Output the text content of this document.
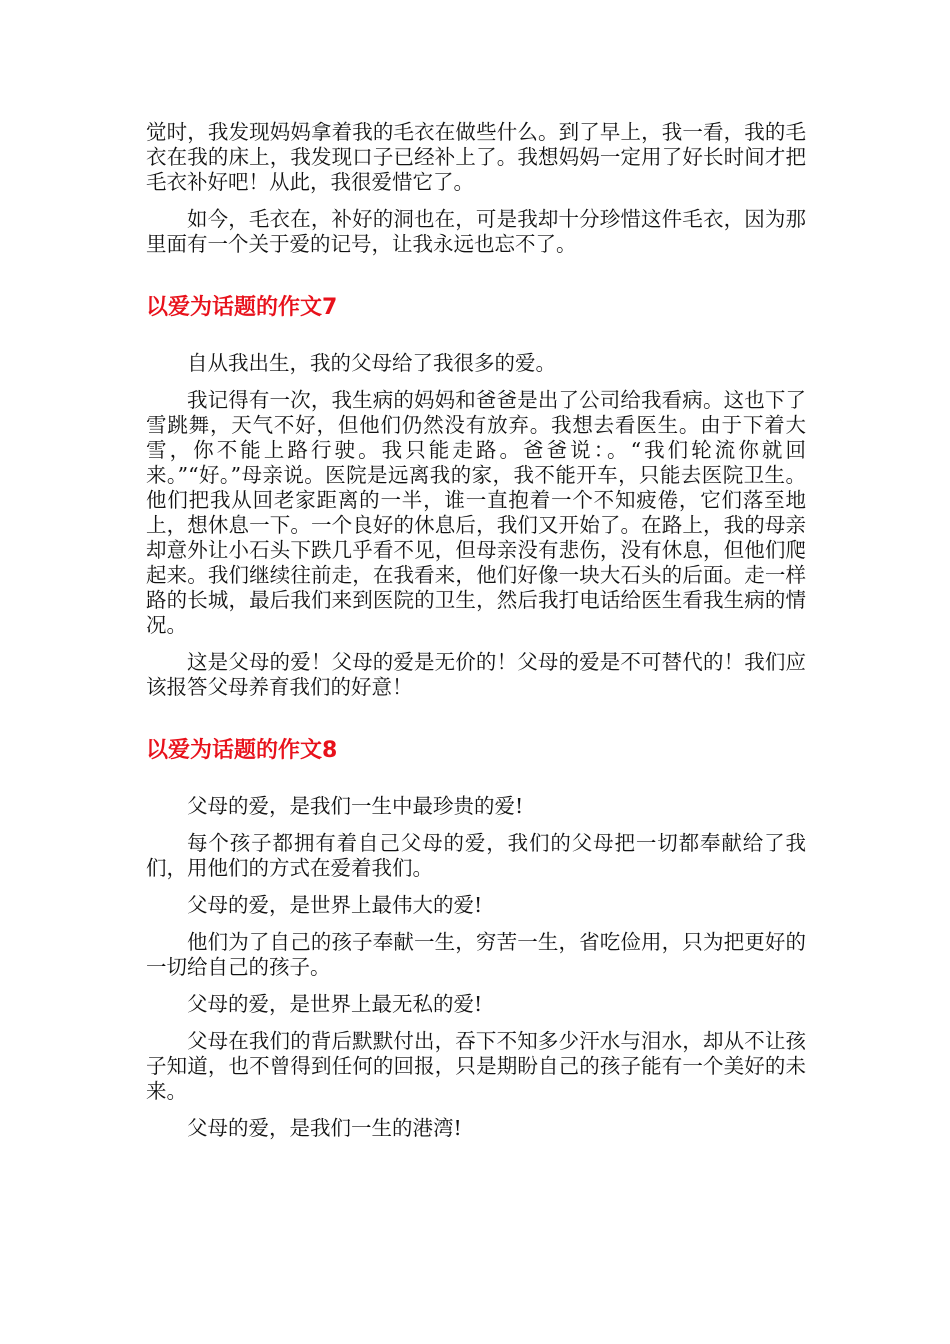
觉时，我发现妈妈拿着我的毛衣在做些什么。到了早上，我一看，我的毛衣在我的床上，我发现口子已经补上了。我想妈妈一定用了好长时间才把毛衣补好吧！从此，我很爱惜它了。

如今，毛衣在，补好的洞也在，可是我却十分珍惜这件毛衣，因为那里面有一个关于爱的记号，让我永远也忘不了。

以爱为话题的作文7

自从我出生，我的父母给了我很多的爱。

我记得有一次，我生病的妈妈和爸爸是出了公司给我看病。这也下了雪跳舞，天气不好，但他们仍然没有放弃。我想去看医生。由于下着大雪，你不能上路行驶。我只能走路。爸爸说：。“我们轮流你就回来。”“好。”母亲说。医院是远离我的家，我不能开车，只能去医院卫生。他们把我从回老家距离的一半，谁一直抱着一个不知疲倦，它们落至地上，想休息一下。一个良好的休息后，我们又开始了。在路上，我的母亲却意外让小石头下跌几乎看不见，但母亲没有悲伤，没有休息，但他们爬起来。我们继续往前走，在我看来，他们好像一块大石头的后面。走一样路的长城，最后我们来到医院的卫生，然后我打电话给医生看我生病的情况。

这是父母的爱！父母的爱是无价的！父母的爱是不可替代的！我们应该报答父母养育我们的好意！

以爱为话题的作文8

父母的爱，是我们一生中最珍贵的爱!

每个孩子都拥有着自己父母的爱，我们的父母把一切都奉献给了我们，用他们的方式在爱着我们。

父母的爱，是世界上最伟大的爱!

他们为了自己的孩子奉献一生，穷苦一生，省吃俭用，只为把更好的一切给自己的孩子。

父母的爱，是世界上最无私的爱!

父母在我们的背后默默付出，吞下不知多少汗水与泪水，却从不让孩子知道，也不曾得到任何的回报，只是期盼自己的孩子能有一个美好的未来。

父母的爱，是我们一生的港湾!
